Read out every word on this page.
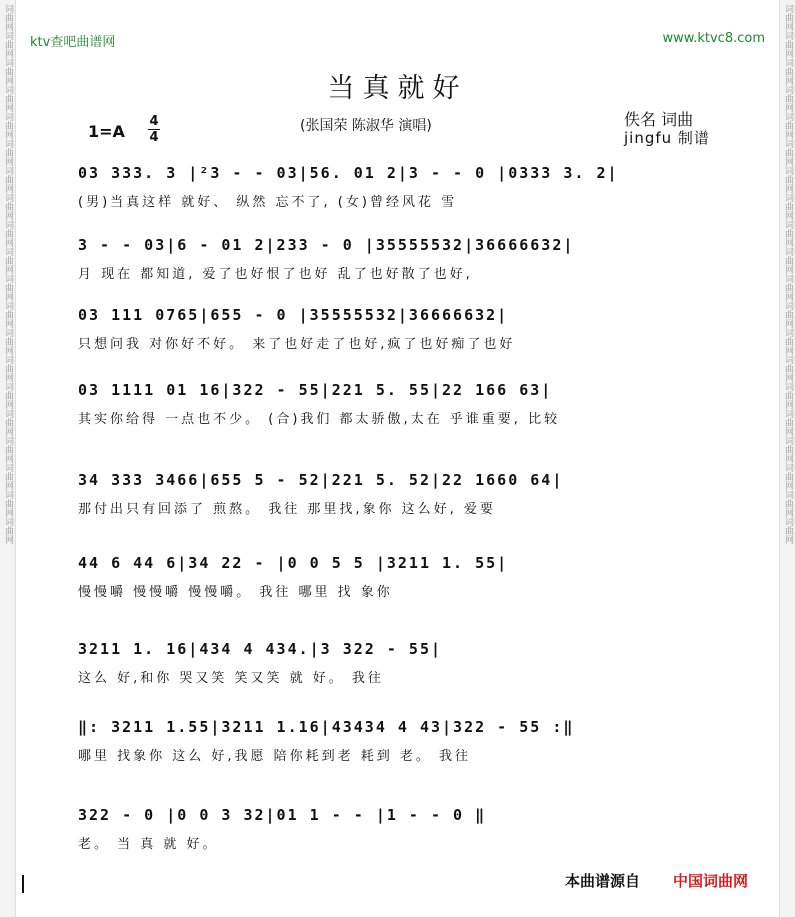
词曲网词曲网词曲网词曲网词曲网词曲网词曲网词曲网词曲网词曲网词曲网词曲网词曲网词曲网词曲网词曲网词曲网词曲网词曲网词曲网	词曲网词曲网词曲网词曲网词曲网词曲网词曲网词曲网词曲网词曲网词曲网词曲网词曲网词曲网词曲网词曲网词曲网词曲网词曲网词曲网
ktv查吧曲谱网	www.ktvc8.com
当真就好
1=A
4
4
(张国荣 陈淑华 演唱)	佚名 词曲
jingfu 制谱
03 333. 3 |²3 - - 03|56. 01 2|3 - - 0 |0333 3. 2|
(男)当真这样 就好、 纵然 忘不了, (女)曾经风花 雪
3 - - 03|6 - 01 2|233 - 0 |35555532|36666632|
月 现在 都知道, 爱了也好恨了也好 乱了也好散了也好,
03 111 0765|655 - 0 |35555532|36666632|
只想问我 对你好不好。 来了也好走了也好,疯了也好痴了也好
03 1111 01 16|322 - 55|221 5. 55|22 166 63|
其实你给得 一点也不少。 (合)我们 都太骄傲,太在 乎谁重要, 比较
34 333 3466|655 5 - 52|221 5. 52|22 1660 64|
那付出只有回添了 煎熬。 我往 那里找,象你 这么好, 爱要
44 6 44 6|34 22 - |0 0 5 5 |3211 1. 55|
慢慢嚼 慢慢嚼 慢慢嚼。 我往 哪里 找 象你
3211 1. 16|434 4 434.|3 322 - 55|
这么 好,和你 哭又笑 笑又笑 就 好。 我往
‖: 3211 1.55|3211 1.16|43434 4 43|322 - 55 :‖
哪里 找象你 这么 好,我愿 陪你耗到老 耗到 老。 我往
322 - 0 |0 0 3 32|01 1 - - |1 - - 0 ‖
老。 当 真 就 好。
本曲谱源自 中国词曲网
